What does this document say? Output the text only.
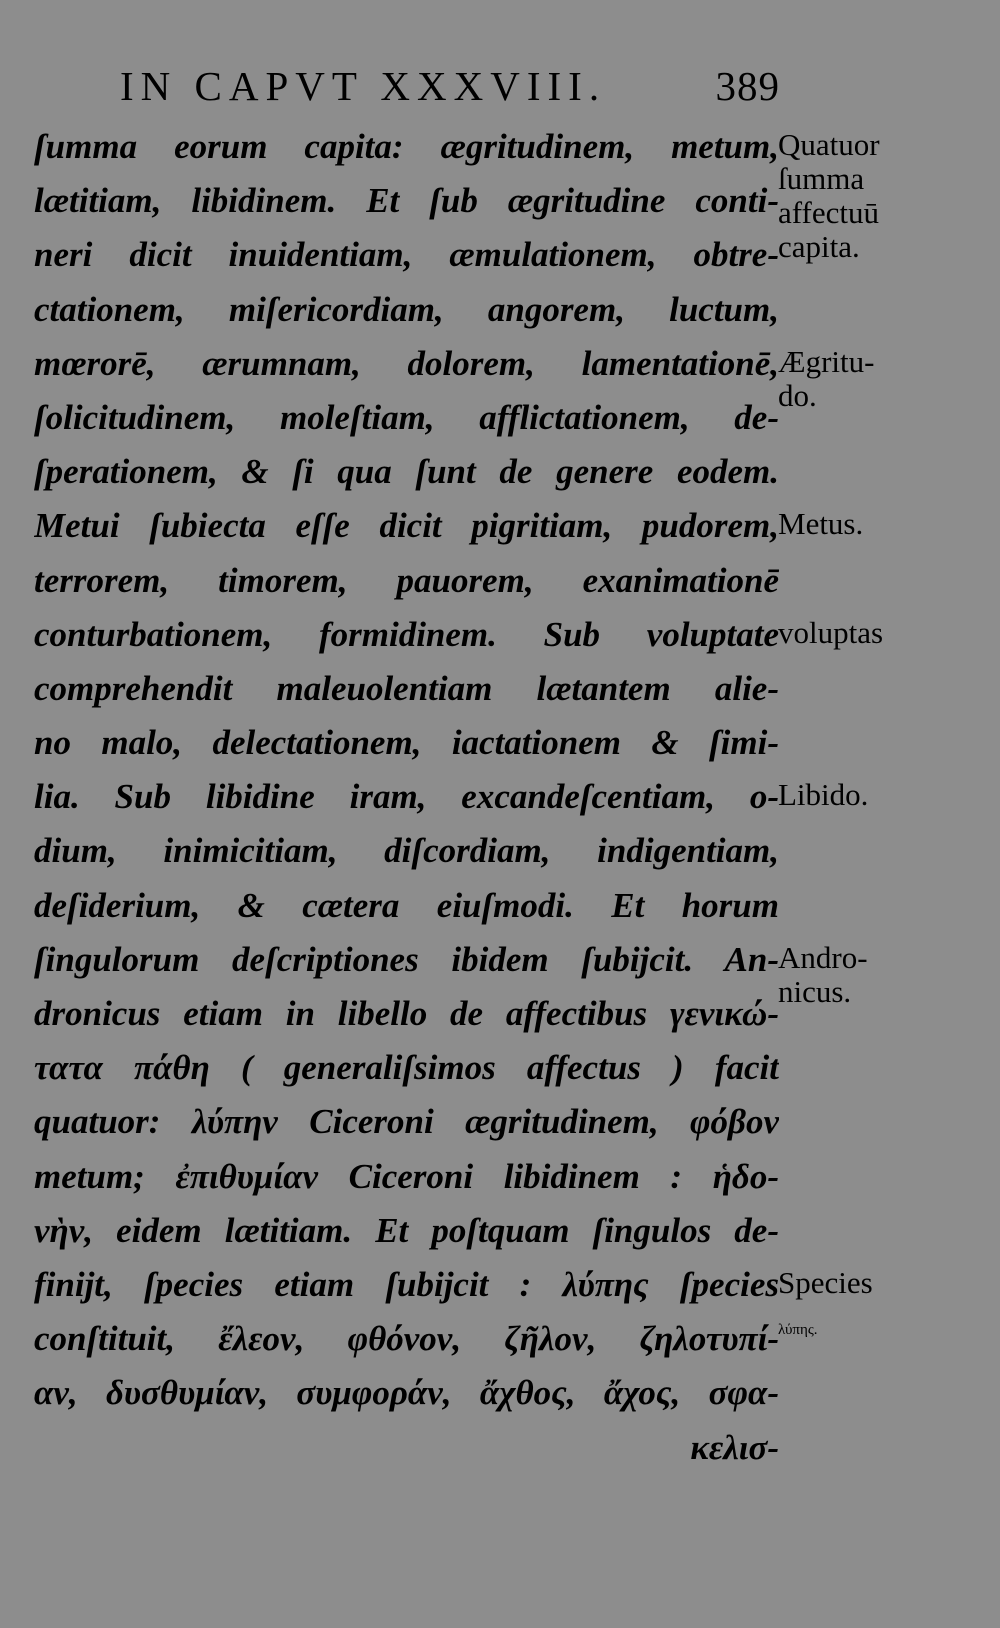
IN CAPVT XXXVIII.	389
ſumma eorum capita: ægritudinem, metum,
lætitiam, libidinem. Et ſub ægritudine conti-
neri dicit inuidentiam, æmulationem, obtre-
ctationem, miſericordiam, angorem, luctum,
mœrorē, ærumnam, dolorem, lamentationē,
ſolicitudinem, moleſtiam, afflictationem, de-
ſperationem, & ſi qua ſunt de genere eodem.
Metui ſubiecta eſſe dicit pigritiam, pudorem,
terrorem, timorem, pauorem, exanimationē
conturbationem, formidinem. Sub voluptate
comprehendit maleuolentiam lætantem alie-
no malo, delectationem, iactationem & ſimi-
lia. Sub libidine iram, excandeſcentiam, o-
dium, inimicitiam, diſcordiam, indigentiam,
deſiderium, & cætera eiuſmodi. Et horum
ſingulorum deſcriptiones ibidem ſubijcit. An-
dronicus etiam in libello de affectibus γενικώ-
τατα πάθη ( generaliſsimos affectus ) facit
quatuor: λύπην Ciceroni ægritudinem, φόβον
metum; ἐπιθυμίαν Ciceroni libidinem : ἡδο-
νὴν, eidem lætitiam. Et poſtquam ſingulos de-
finijt, ſpecies etiam ſubijcit : λύπης ſpecies
conſtituit, ἔλεον, φθόνον, ζῆλον, ζηλοτυπί-
αν, δυσθυμίαν, συμφοράν, ἄχθος, ἄχος, σφα-
κελισ-
Quatuor
ſumma
affectuū
capita.
Ægritu-
do.
Metus.
voluptas
Libido.
Andro-
nicus.
Species
λύπης.
